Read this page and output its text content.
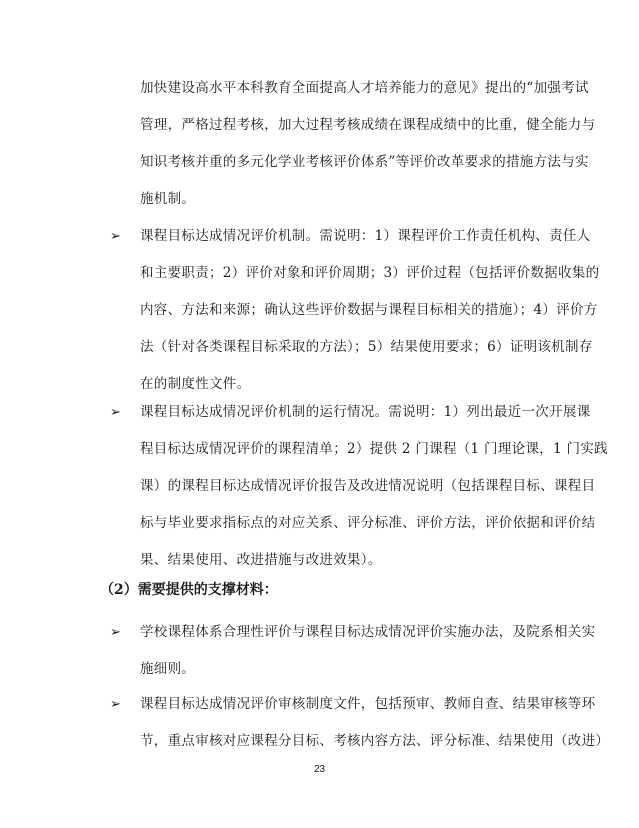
加快建设高水平本科教育全面提高人才培养能力的意见》提出的“加强考试
管理，严格过程考核，加大过程考核成绩在课程成绩中的比重，健全能力与
知识考核并重的多元化学业考核评价体系”等评价改革要求的措施方法与实
施机制。
➢ 课程目标达成情况评价机制。需说明：1）课程评价工作责任机构、责任人
和主要职责；2）评价对象和评价周期；3）评价过程（包括评价数据收集的
内容、方法和来源；确认这些评价数据与课程目标相关的措施）；4）评价方
法（针对各类课程目标采取的方法）；5）结果使用要求；6）证明该机制存
在的制度性文件。
➢ 课程目标达成情况评价机制的运行情况。需说明：1）列出最近一次开展课
程目标达成情况评价的课程清单；2）提供 2 门课程（1 门理论课，1 门实践
课）的课程目标达成情况评价报告及改进情况说明（包括课程目标、课程目
标与毕业要求指标点的对应关系、评分标准、评价方法，评价依据和评价结
果、结果使用、改进措施与改进效果）。
（2）需要提供的支撑材料：
➢ 学校课程体系合理性评价与课程目标达成情况评价实施办法，及院系相关实
施细则。
➢ 课程目标达成情况评价审核制度文件，包括预审、教师自查、结果审核等环
节，重点审核对应课程分目标、考核内容方法、评分标准、结果使用（改进）
23
